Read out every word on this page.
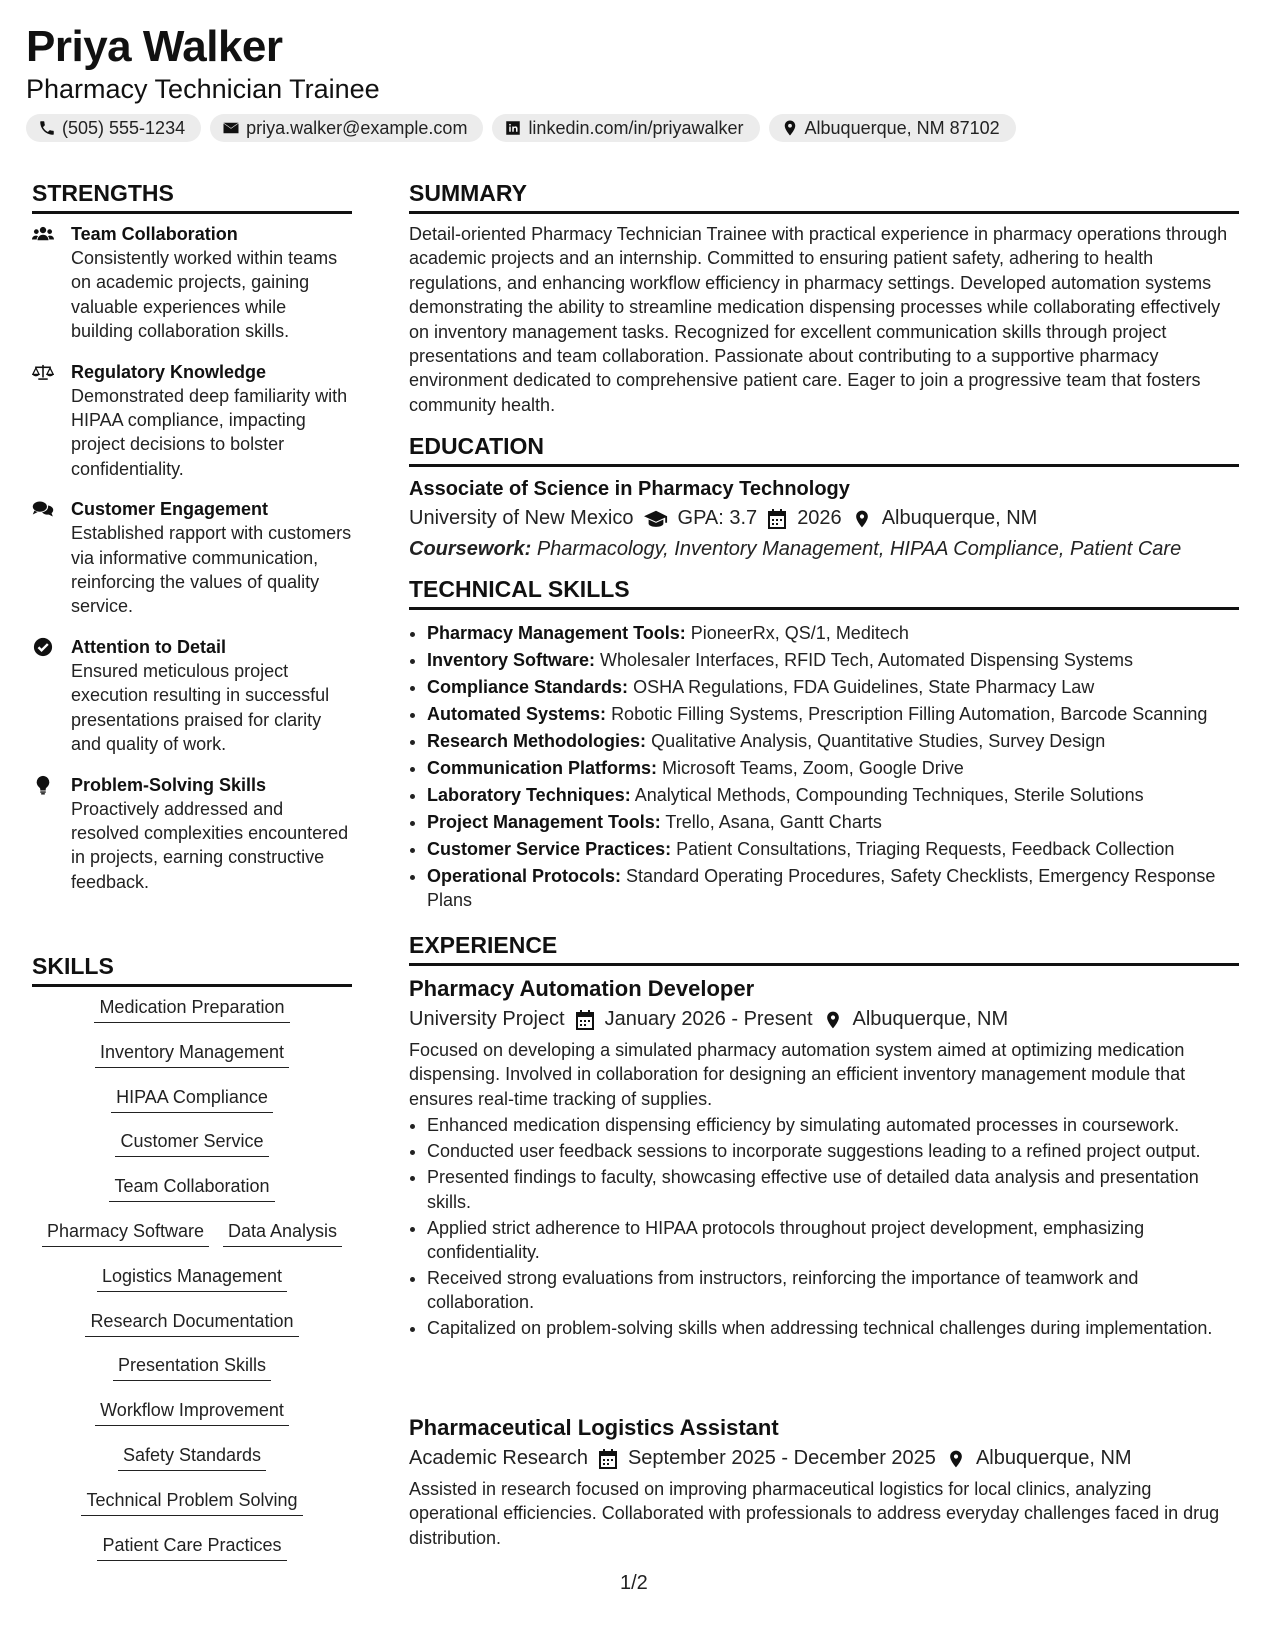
Priya Walker
Pharmacy Technician Trainee
(505) 555-1234	priya.walker@example.com	linkedin.com/in/priyawalker	Albuquerque, NM 87102
STRENGTHS
Team Collaboration
Consistently worked within teams on academic projects, gaining valuable experiences while building collaboration skills.
Regulatory Knowledge
Demonstrated deep familiarity with HIPAA compliance, impacting project decisions to bolster confidentiality.
Customer Engagement
Established rapport with customers via informative communication, reinforcing the values of quality service.
Attention to Detail
Ensured meticulous project execution resulting in successful presentations praised for clarity and quality of work.
Problem-Solving Skills
Proactively addressed and resolved complexities encountered in projects, earning constructive feedback.
SKILLS
Medication Preparation
Inventory Management
HIPAA Compliance
Customer Service
Team Collaboration
Pharmacy Software Data Analysis
Logistics Management
Research Documentation
Presentation Skills
Workflow Improvement
Safety Standards
Technical Problem Solving
Patient Care Practices
SUMMARY
Detail-oriented Pharmacy Technician Trainee with practical experience in pharmacy operations through academic projects and an internship. Committed to ensuring patient safety, adhering to health regulations, and enhancing workflow efficiency in pharmacy settings. Developed automation systems demonstrating the ability to streamline medication dispensing processes while collaborating effectively on inventory management tasks. Recognized for excellent communication skills through project presentations and team collaboration. Passionate about contributing to a supportive pharmacy environment dedicated to comprehensive patient care. Eager to join a progressive team that fosters community health.
EDUCATION
Associate of Science in Pharmacy Technology
University of New Mexico GPA: 3.7 2026 Albuquerque, NM
Coursework: Pharmacology, Inventory Management, HIPAA Compliance, Patient Care
TECHNICAL SKILLS
• Pharmacy Management Tools: PioneerRx, QS/1, Meditech
• Inventory Software: Wholesaler Interfaces, RFID Tech, Automated Dispensing Systems
• Compliance Standards: OSHA Regulations, FDA Guidelines, State Pharmacy Law
• Automated Systems: Robotic Filling Systems, Prescription Filling Automation, Barcode Scanning
• Research Methodologies: Qualitative Analysis, Quantitative Studies, Survey Design
• Communication Platforms: Microsoft Teams, Zoom, Google Drive
• Laboratory Techniques: Analytical Methods, Compounding Techniques, Sterile Solutions
• Project Management Tools: Trello, Asana, Gantt Charts
• Customer Service Practices: Patient Consultations, Triaging Requests, Feedback Collection
• Operational Protocols: Standard Operating Procedures, Safety Checklists, Emergency Response Plans
EXPERIENCE
Pharmacy Automation Developer
University Project January 2026 - Present Albuquerque, NM
Focused on developing a simulated pharmacy automation system aimed at optimizing medication dispensing. Involved in collaboration for designing an efficient inventory management module that ensures real-time tracking of supplies.
• Enhanced medication dispensing efficiency by simulating automated processes in coursework.
• Conducted user feedback sessions to incorporate suggestions leading to a refined project output.
• Presented findings to faculty, showcasing effective use of detailed data analysis and presentation skills.
• Applied strict adherence to HIPAA protocols throughout project development, emphasizing confidentiality.
• Received strong evaluations from instructors, reinforcing the importance of teamwork and collaboration.
• Capitalized on problem-solving skills when addressing technical challenges during implementation.
Pharmaceutical Logistics Assistant
Academic Research September 2025 - December 2025 Albuquerque, NM
Assisted in research focused on improving pharmaceutical logistics for local clinics, analyzing operational efficiencies. Collaborated with professionals to address everyday challenges faced in drug distribution.
1/2
